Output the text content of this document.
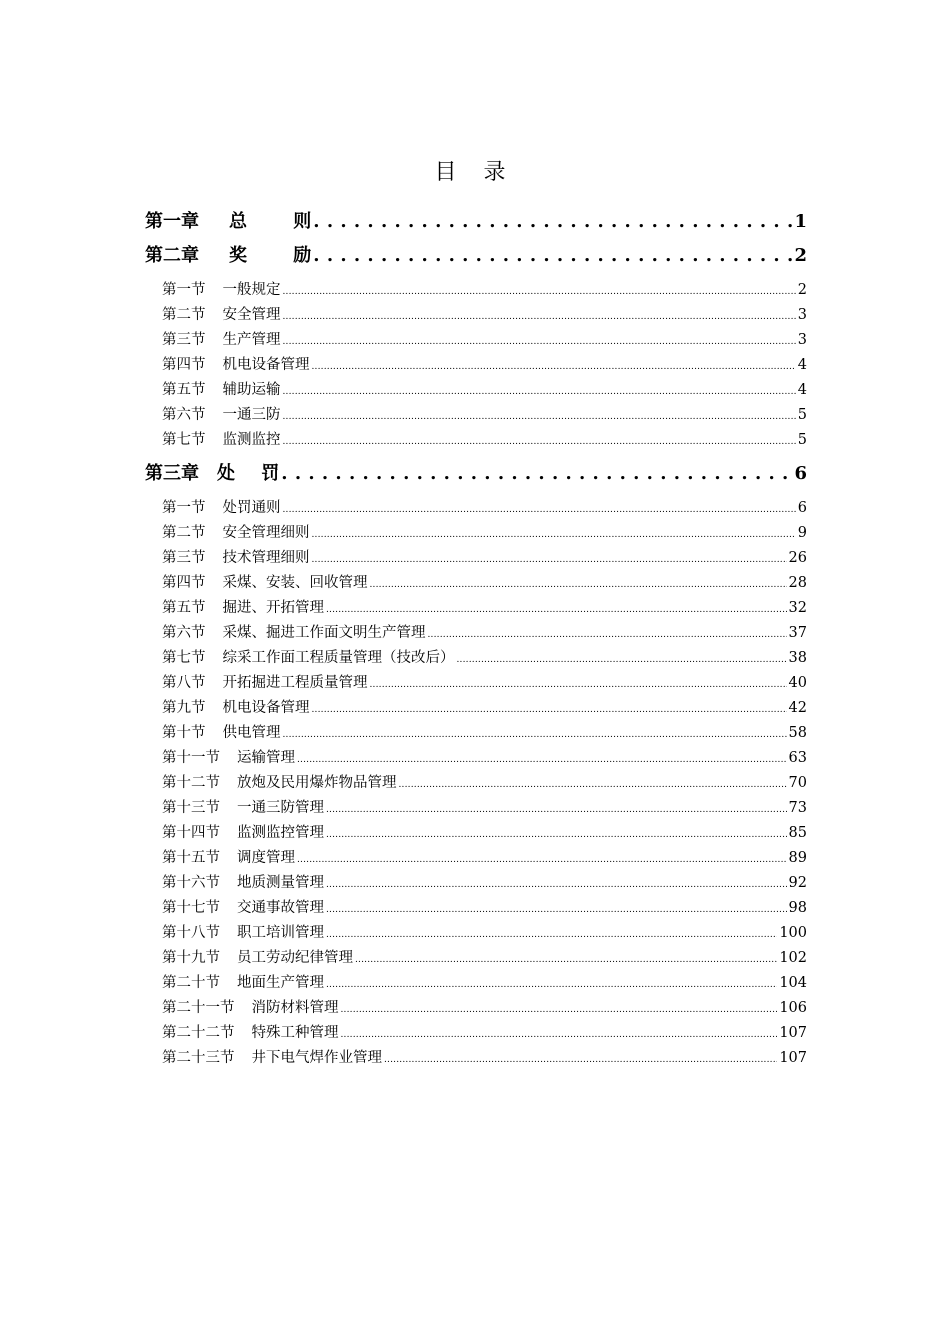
目 录
第一章 总 则 . . .	1
第二章 奖 励 . . .	2
第一节 一般规定 .....	2
第二节 安全管理 .....	3
第三节 生产管理 .....	3
第四节 机电设备管理 .....	4
第五节 辅助运输 .....	4
第六节 一通三防 .....	5
第七节 监测监控 .....	5
第三章 处 罚 . . .	6
第一节 处罚通则 .....	6
第二节 安全管理细则 .....	9
第三节 技术管理细则 .....	26
第四节 采煤、安装、回收管理 .....	28
第五节 掘进、开拓管理 .....	32
第六节 采煤、掘进工作面文明生产管理 .....	37
第七节 综采工作面工程质量管理（技改后） .....	38
第八节 开拓掘进工程质量管理 .....	40
第九节 机电设备管理 .....	42
第十节 供电管理 .....	58
第十一节 运输管理 .....	63
第十二节 放炮及民用爆炸物品管理 .....	70
第十三节 一通三防管理 .....	73
第十四节 监测监控管理 .....	85
第十五节 调度管理 .....	89
第十六节 地质测量管理 .....	92
第十七节 交通事故管理 .....	98
第十八节 职工培训管理 .....	100
第十九节 员工劳动纪律管理 .....	102
第二十节 地面生产管理 .....	104
第二十一节 消防材料管理 .....	106
第二十二节 特殊工种管理 .....	107
第二十三节 井下电气焊作业管理 .....	107
